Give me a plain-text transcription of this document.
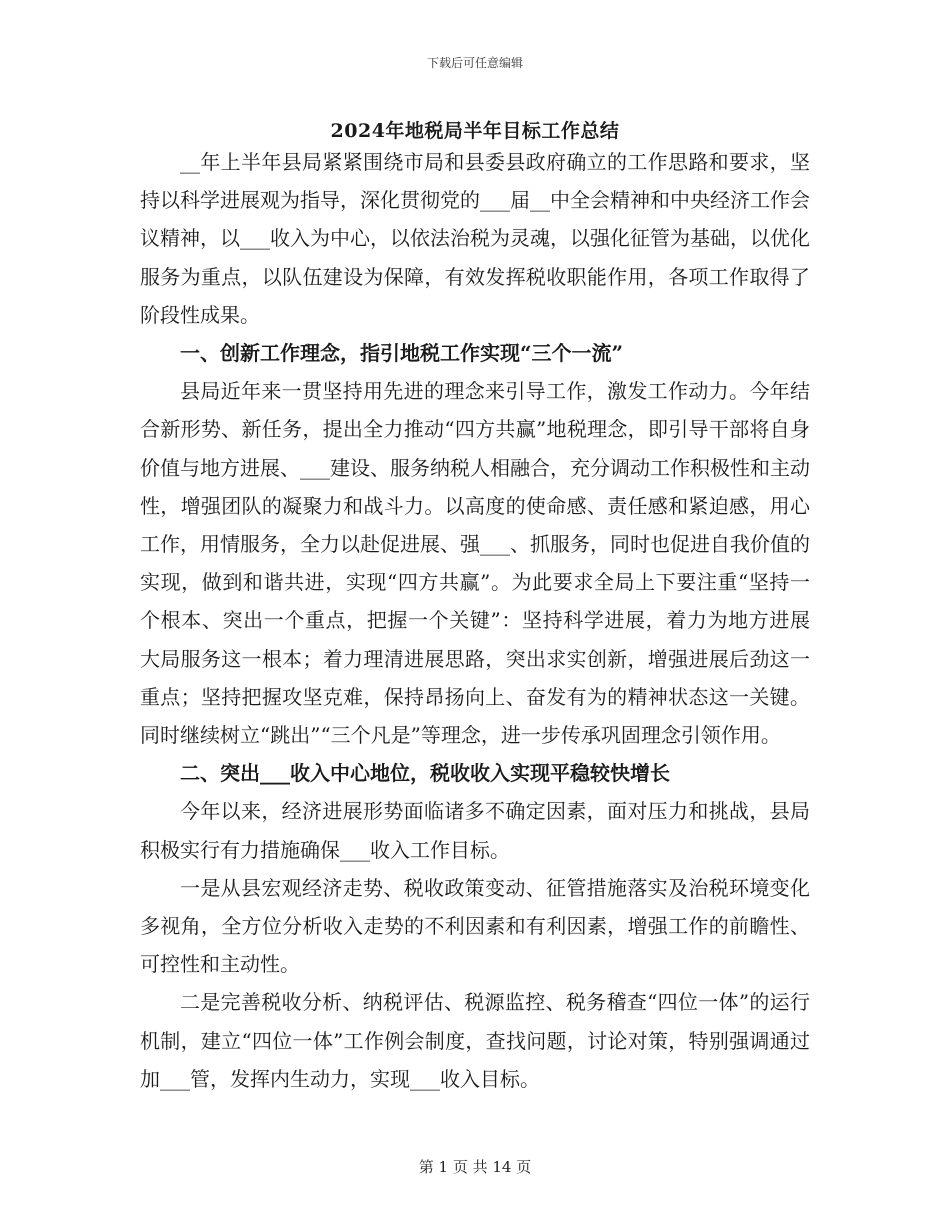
下载后可任意编辑
2024年地税局半年目标工作总结

__年上半年县局紧紧围绕市局和县委县政府确立的工作思路和要求，坚持以科学进展观为指导，深化贯彻党的___届__中全会精神和中央经济工作会议精神，以___收入为中心，以依法治税为灵魂，以强化征管为基础，以优化服务为重点，以队伍建设为保障，有效发挥税收职能作用，各项工作取得了阶段性成果。

一、创新工作理念，指引地税工作实现“三个一流”

县局近年来一贯坚持用先进的理念来引导工作，激发工作动力。今年结合新形势、新任务，提出全力推动“四方共赢”地税理念，即引导干部将自身价值与地方进展、___建设、服务纳税人相融合，充分调动工作积极性和主动性，增强团队的凝聚力和战斗力。以高度的使命感、责任感和紧迫感，用心工作，用情服务，全力以赴促进展、强___、抓服务，同时也促进自我价值的实现，做到和谐共进，实现“四方共赢”。为此要求全局上下要注重“坚持一个根本、突出一个重点，把握一个关键”：坚持科学进展，着力为地方进展大局服务这一根本；着力理清进展思路，突出求实创新，增强进展后劲这一重点；坚持把握攻坚克难，保持昂扬向上、奋发有为的精神状态这一关键。同时继续树立“跳出”“三个凡是”等理念，进一步传承巩固理念引领作用。

二、突出___收入中心地位，税收收入实现平稳较快增长

今年以来，经济进展形势面临诸多不确定因素，面对压力和挑战，县局积极实行有力措施确保___收入工作目标。

一是从县宏观经济走势、税收政策变动、征管措施落实及治税环境变化多视角，全方位分析收入走势的不利因素和有利因素，增强工作的前瞻性、可控性和主动性。

二是完善税收分析、纳税评估、税源监控、税务稽查“四位一体”的运行机制，建立“四位一体”工作例会制度，查找问题，讨论对策，特别强调通过加___管，发挥内生动力，实现___收入目标。

第 1 页 共 14 页
